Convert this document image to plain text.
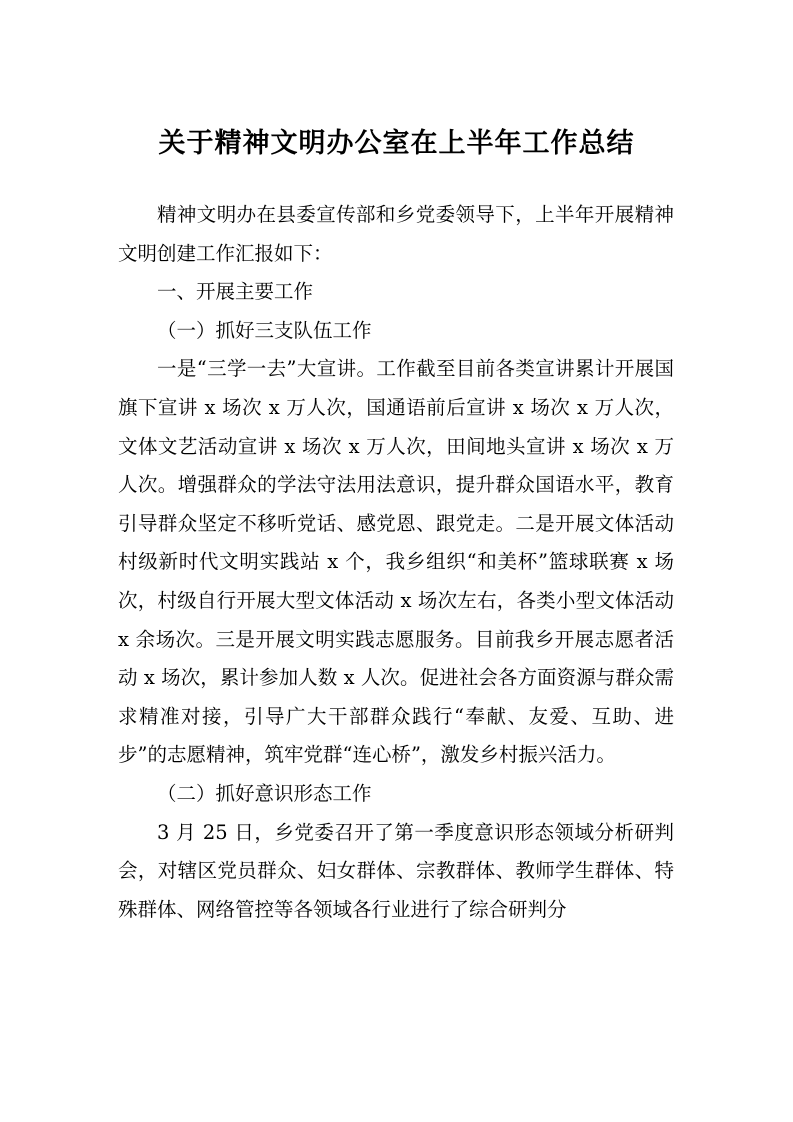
关于精神文明办公室在上半年工作总结

精神文明办在县委宣传部和乡党委领导下，上半年开展精神文明创建工作汇报如下：

一、开展主要工作

（一）抓好三支队伍工作

一是“三学一去”大宣讲。工作截至目前各类宣讲累计开展国旗下宣讲 x 场次 x 万人次，国通语前后宣讲 x 场次 x 万人次，文体文艺活动宣讲 x 场次 x 万人次，田间地头宣讲 x 场次 x 万人次。增强群众的学法守法用法意识，提升群众国语水平，教育引导群众坚定不移听党话、感党恩、跟党走。二是开展文体活动村级新时代文明实践站 x 个，我乡组织“和美杯”篮球联赛 x 场次，村级自行开展大型文体活动 x 场次左右，各类小型文体活动 x 余场次。三是开展文明实践志愿服务。目前我乡开展志愿者活动 x 场次，累计参加人数 x 人次。促进社会各方面资源与群众需求精准对接，引导广大干部群众践行“奉献、友爱、互助、进步”的志愿精神，筑牢党群“连心桥”，激发乡村振兴活力。

（二）抓好意识形态工作

3 月 25 日，乡党委召开了第一季度意识形态领域分析研判会，对辖区党员群众、妇女群体、宗教群体、教师学生群体、特殊群体、网络管控等各领域各行业进行了综合研判分
